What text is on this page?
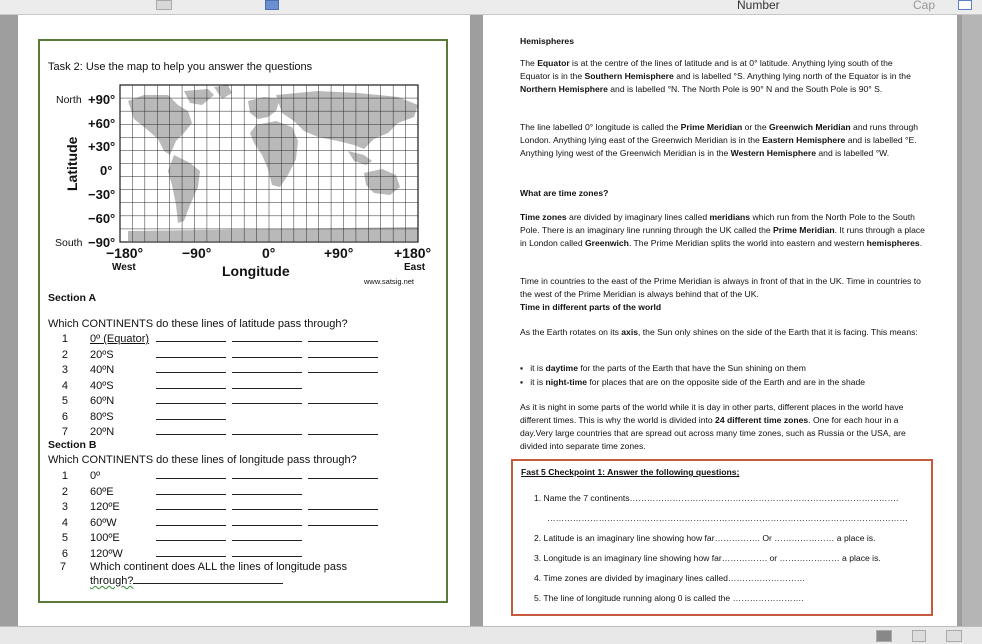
Number	Cap
Task 2: Use the map to help you answer the questions
North
South
+90°
+60°
+30°
0°
−30°
−60°
−90°
Latitude
−180°	−90°	0°	+90°	+180°
West	East
Longitude
www.satsig.net
Section A
Which CONTINENTS do these lines of latitude pass through?
1 0º (Equator)
2 20ºS
3 40ºN
4 40ºS
5 60ºN
6 80ºS
7 20ºN
Section B
Which CONTINENTS do these lines of longitude pass through?
1 0º
2 60ºE
3 120ºE
4 60ºW
5 100ºE
6 120ºW
7 Which continent does ALL the lines of longitude pass
through?
Hemispheres
The Equator is at the centre of the lines of latitude and is at 0° latitude. Anything lying south of the Equator is in the Southern Hemisphere and is labelled °S. Anything lying north of the Equator is in the Northern Hemisphere and is labelled °N. The North Pole is 90° N and the South Pole is 90° S.
The line labelled 0° longitude is called the Prime Meridian or the Greenwich Meridian and runs through London. Anything lying east of the Greenwich Meridian is in the Eastern Hemisphere and is labelled °E. Anything lying west of the Greenwich Meridian is in the Western Hemisphere and is labelled °W.
What are time zones?
Time zones are divided by imaginary lines called meridians which run from the North Pole to the South Pole. There is an imaginary line running through the UK called the Prime Meridian. It runs through a place in London called Greenwich. The Prime Meridian splits the world into eastern and western hemispheres.
Time in countries to the east of the Prime Meridian is always in front of that in the UK. Time in countries to the west of the Prime Meridian is always behind that of the UK.
Time in different parts of the world
As the Earth rotates on its axis, the Sun only shines on the side of the Earth that it is facing. This means:
▪   it is daytime for the parts of the Earth that have the Sun shining on them
▪   it is night-time for places that are on the opposite side of the Earth and are in the shade
As it is night in some parts of the world while it is day in other parts, different places in the world have different times. This is why the world is divided into 24 different time zones. One for each hour in a day.Very large countries that are spread out across many time zones, such as Russia or the USA, are divided into separate time zones.
Fast 5 Checkpoint 1: Answer the following questions;
1. Name the 7 continents………………………………………………………………………………….
………………………………………………………………………………………………………………
2. Latitude is an imaginary line showing how far……………. Or ………………… a place is.
3. Longitude is an imaginary line showing how far……………. or ………………… a place is.
4. Time zones are divided by imaginary lines called………………………
5. The line of longitude running along 0 is called the …………………….
